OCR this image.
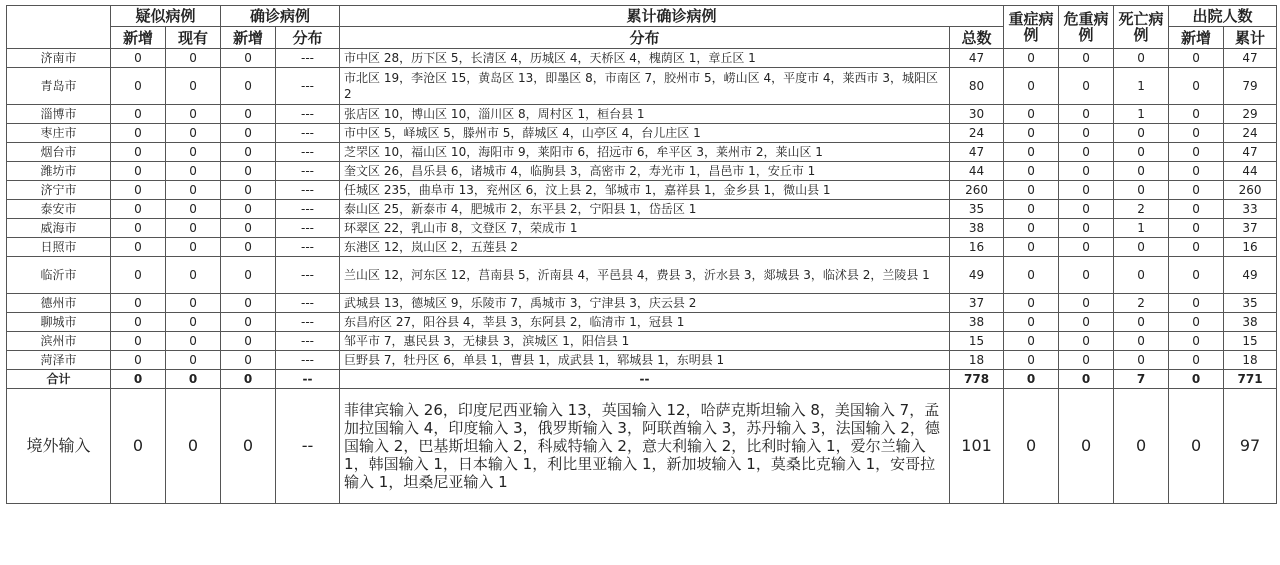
	疑似病例		确诊病例		累计确诊病例		重症病例	危重病例	死亡病例	出院人数	
	新增	现有	新增	分布	分布	总数				新增	累计
济南市	0	0	0	---	市中区 28，历下区 5，长清区 4，历城区 4，天桥区 4，槐荫区 1，章丘区 1	47	0	0	0	0	47
青岛市	0	0	0	---	市北区 19，李沧区 15，黄岛区 13，即墨区 8，市南区 7，胶州市 5，崂山区 4，平度市 4，莱西市 3，城阳区 2	80	0	0	1	0	79
淄博市	0	0	0	---	张店区 10，博山区 10，淄川区 8，周村区 1，桓台县 1	30	0	0	1	0	29
枣庄市	0	0	0	---	市中区 5，峄城区 5，滕州市 5，薛城区 4，山亭区 4，台儿庄区 1	24	0	0	0	0	24
烟台市	0	0	0	---	芝罘区 10，福山区 10，海阳市 9，莱阳市 6，招远市 6，牟平区 3，莱州市 2，莱山区 1	47	0	0	0	0	47
潍坊市	0	0	0	---	奎文区 26，昌乐县 6，诸城市 4，临朐县 3，高密市 2，寿光市 1，昌邑市 1，安丘市 1	44	0	0	0	0	44
济宁市	0	0	0	---	任城区 235，曲阜市 13，兖州区 6，汶上县 2，邹城市 1，嘉祥县 1，金乡县 1，微山县 1	260	0	0	0	0	260
泰安市	0	0	0	---	泰山区 25，新泰市 4，肥城市 2，东平县 2，宁阳县 1，岱岳区 1	35	0	0	2	0	33
威海市	0	0	0	---	环翠区 22，乳山市 8，文登区 7，荣成市 1	38	0	0	1	0	37
日照市	0	0	0	---	东港区 12，岚山区 2，五莲县 2	16	0	0	0	0	16
临沂市	0	0	0	---	兰山区 12，河东区 12，莒南县 5，沂南县 4，平邑县 4，费县 3，沂水县 3，郯城县 3，临沭县 2，兰陵县 1	49	0	0	0	0	49
德州市	0	0	0	---	武城县 13，德城区 9，乐陵市 7，禹城市 3，宁津县 3，庆云县 2	37	0	0	2	0	35
聊城市	0	0	0	---	东昌府区 27，阳谷县 4，莘县 3，东阿县 2，临清市 1，冠县 1	38	0	0	0	0	38
滨州市	0	0	0	---	邹平市 7，惠民县 3，无棣县 3，滨城区 1，阳信县 1	15	0	0	0	0	15
菏泽市	0	0	0	---	巨野县 7，牡丹区 6，单县 1，曹县 1，成武县 1，郓城县 1，东明县 1	18	0	0	0	0	18
合计	0	0	0	--	--	778	0	0	7	0	771
境外输入	0	0	0	--	菲律宾输入 26，印度尼西亚输入 13，英国输入 12，哈萨克斯坦输入 8，美国输入 7，孟加拉国输入 4，印度输入 3，俄罗斯输入 3，阿联酋输入 3，苏丹输入 3，法国输入 2，德国输入 2，巴基斯坦输入 2，科威特输入 2，意大利输入 2，比利时输入 1，爱尔兰输入 1，韩国输入 1，日本输入 1，利比里亚输入 1，新加坡输入 1，莫桑比克输入 1，安哥拉输入 1，坦桑尼亚输入 1	101	0	0	0	0	97
